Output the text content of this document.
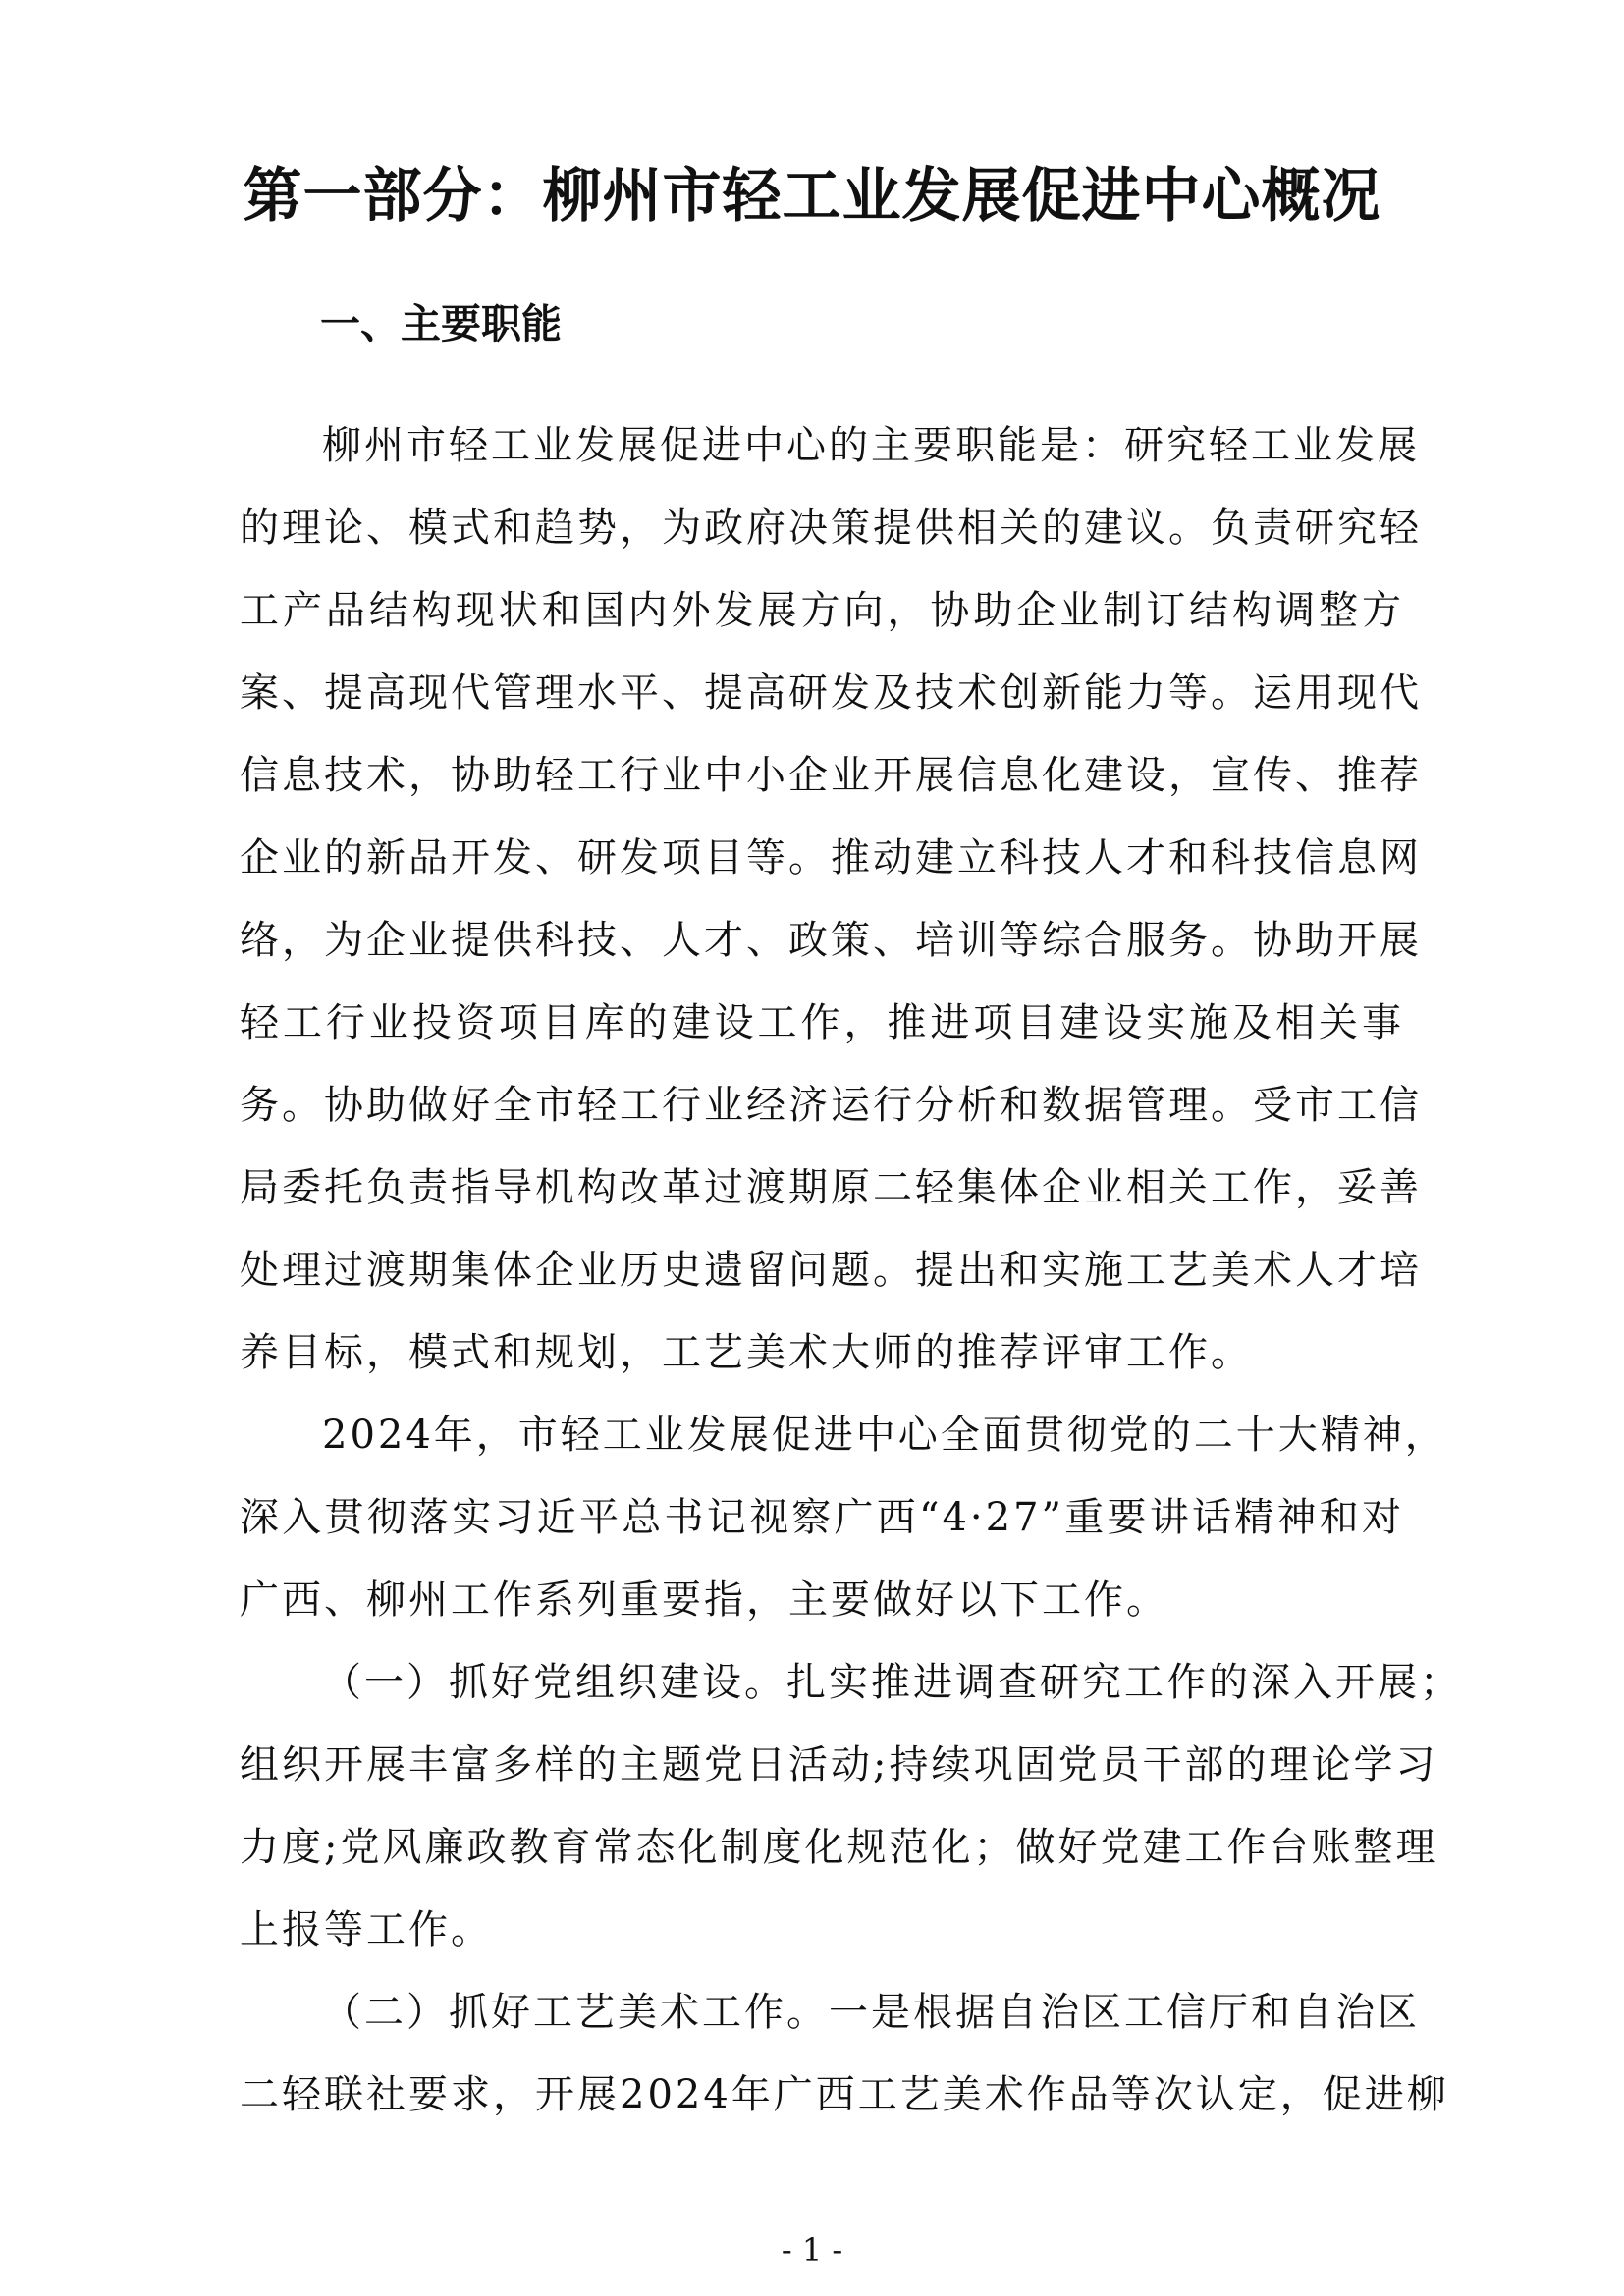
第一部分：柳州市轻工业发展促进中心概况
一、主要职能
柳州市轻工业发展促进中心的主要职能是：研究轻工业发展
的理论、模式和趋势，为政府决策提供相关的建议。负责研究轻
工产品结构现状和国内外发展方向，协助企业制订结构调整方
案、提高现代管理水平、提高研发及技术创新能力等。运用现代
信息技术，协助轻工行业中小企业开展信息化建设，宣传、推荐
企业的新品开发、研发项目等。推动建立科技人才和科技信息网
络，为企业提供科技、人才、政策、培训等综合服务。协助开展
轻工行业投资项目库的建设工作，推进项目建设实施及相关事
务。协助做好全市轻工行业经济运行分析和数据管理。受市工信
局委托负责指导机构改革过渡期原二轻集体企业相关工作，妥善
处理过渡期集体企业历史遗留问题。提出和实施工艺美术人才培
养目标，模式和规划，工艺美术大师的推荐评审工作。
2024年，市轻工业发展促进中心全面贯彻党的二十大精神，
深入贯彻落实习近平总书记视察广西“4·27”重要讲话精神和对
广西、柳州工作系列重要指，主要做好以下工作。
（一）抓好党组织建设。扎实推进调查研究工作的深入开展；
组织开展丰富多样的主题党日活动;持续巩固党员干部的理论学习
力度;党风廉政教育常态化制度化规范化；做好党建工作台账整理
上报等工作。
（二）抓好工艺美术工作。一是根据自治区工信厅和自治区
二轻联社要求，开展2024年广西工艺美术作品等次认定，促进柳
- 1 -
